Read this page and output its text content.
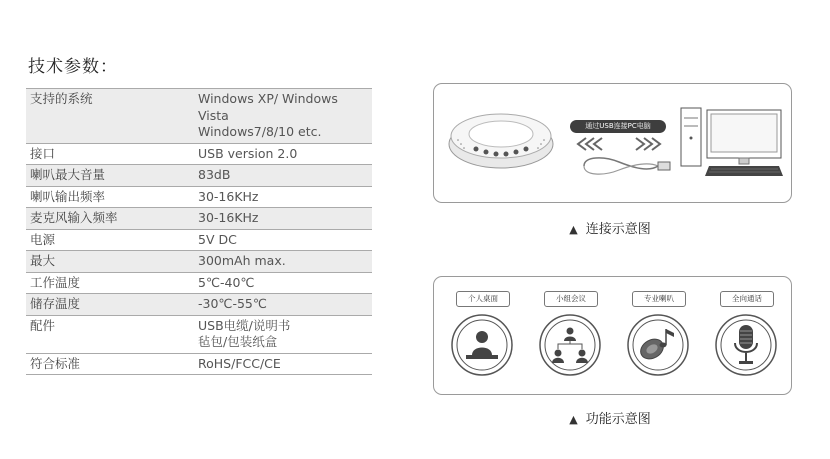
技术参数：
支持的系统	Windows XP/ Windows Vista
Windows7/8/10 etc.

接口	USB version 2.0
喇叭最大音量	83dB
喇叭输出频率	30-16KHz
麦克风输入频率	30-16KHz
电源	5V DC
最大	300mAh max.
工作温度	5℃-40℃
储存温度	-30℃-55℃
配件	USB电缆/说明书
毡包/包装纸盒

符合标准	RoHS/FCC/CE
通过USB连接PC电脑
▲ 连接示意图
个人桌面	小组会议	专业喇叭	全向通话
▲ 功能示意图
